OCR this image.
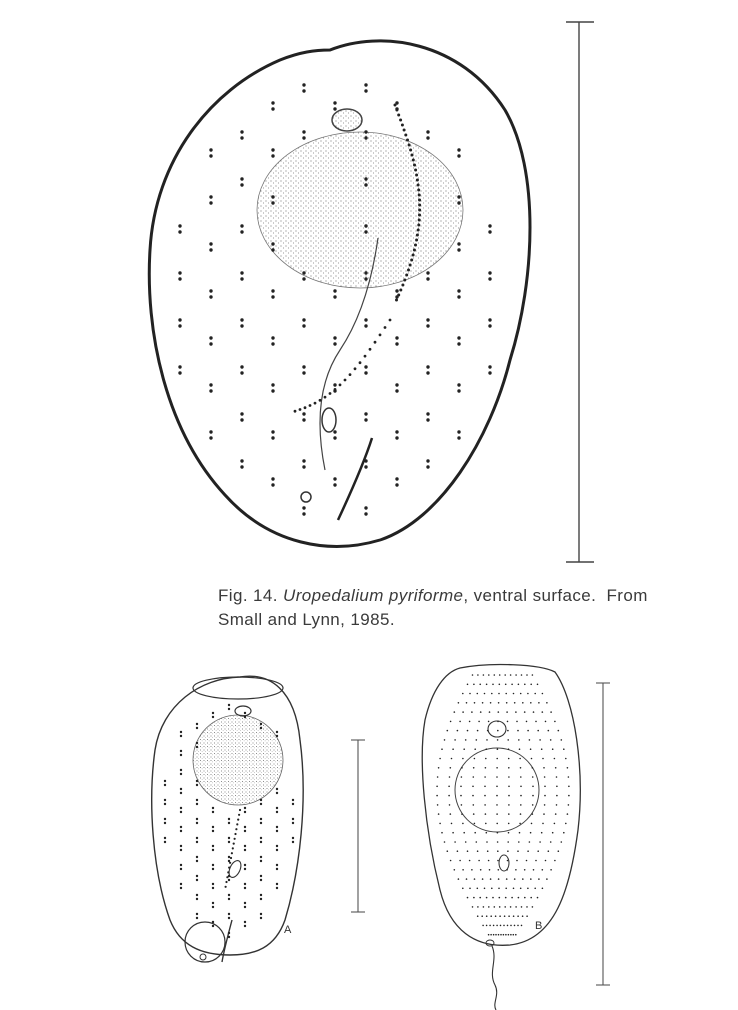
Fig. 14. Uropedalium pyriforme, ventral surface.  From
Small and Lynn, 1985.
A	B
